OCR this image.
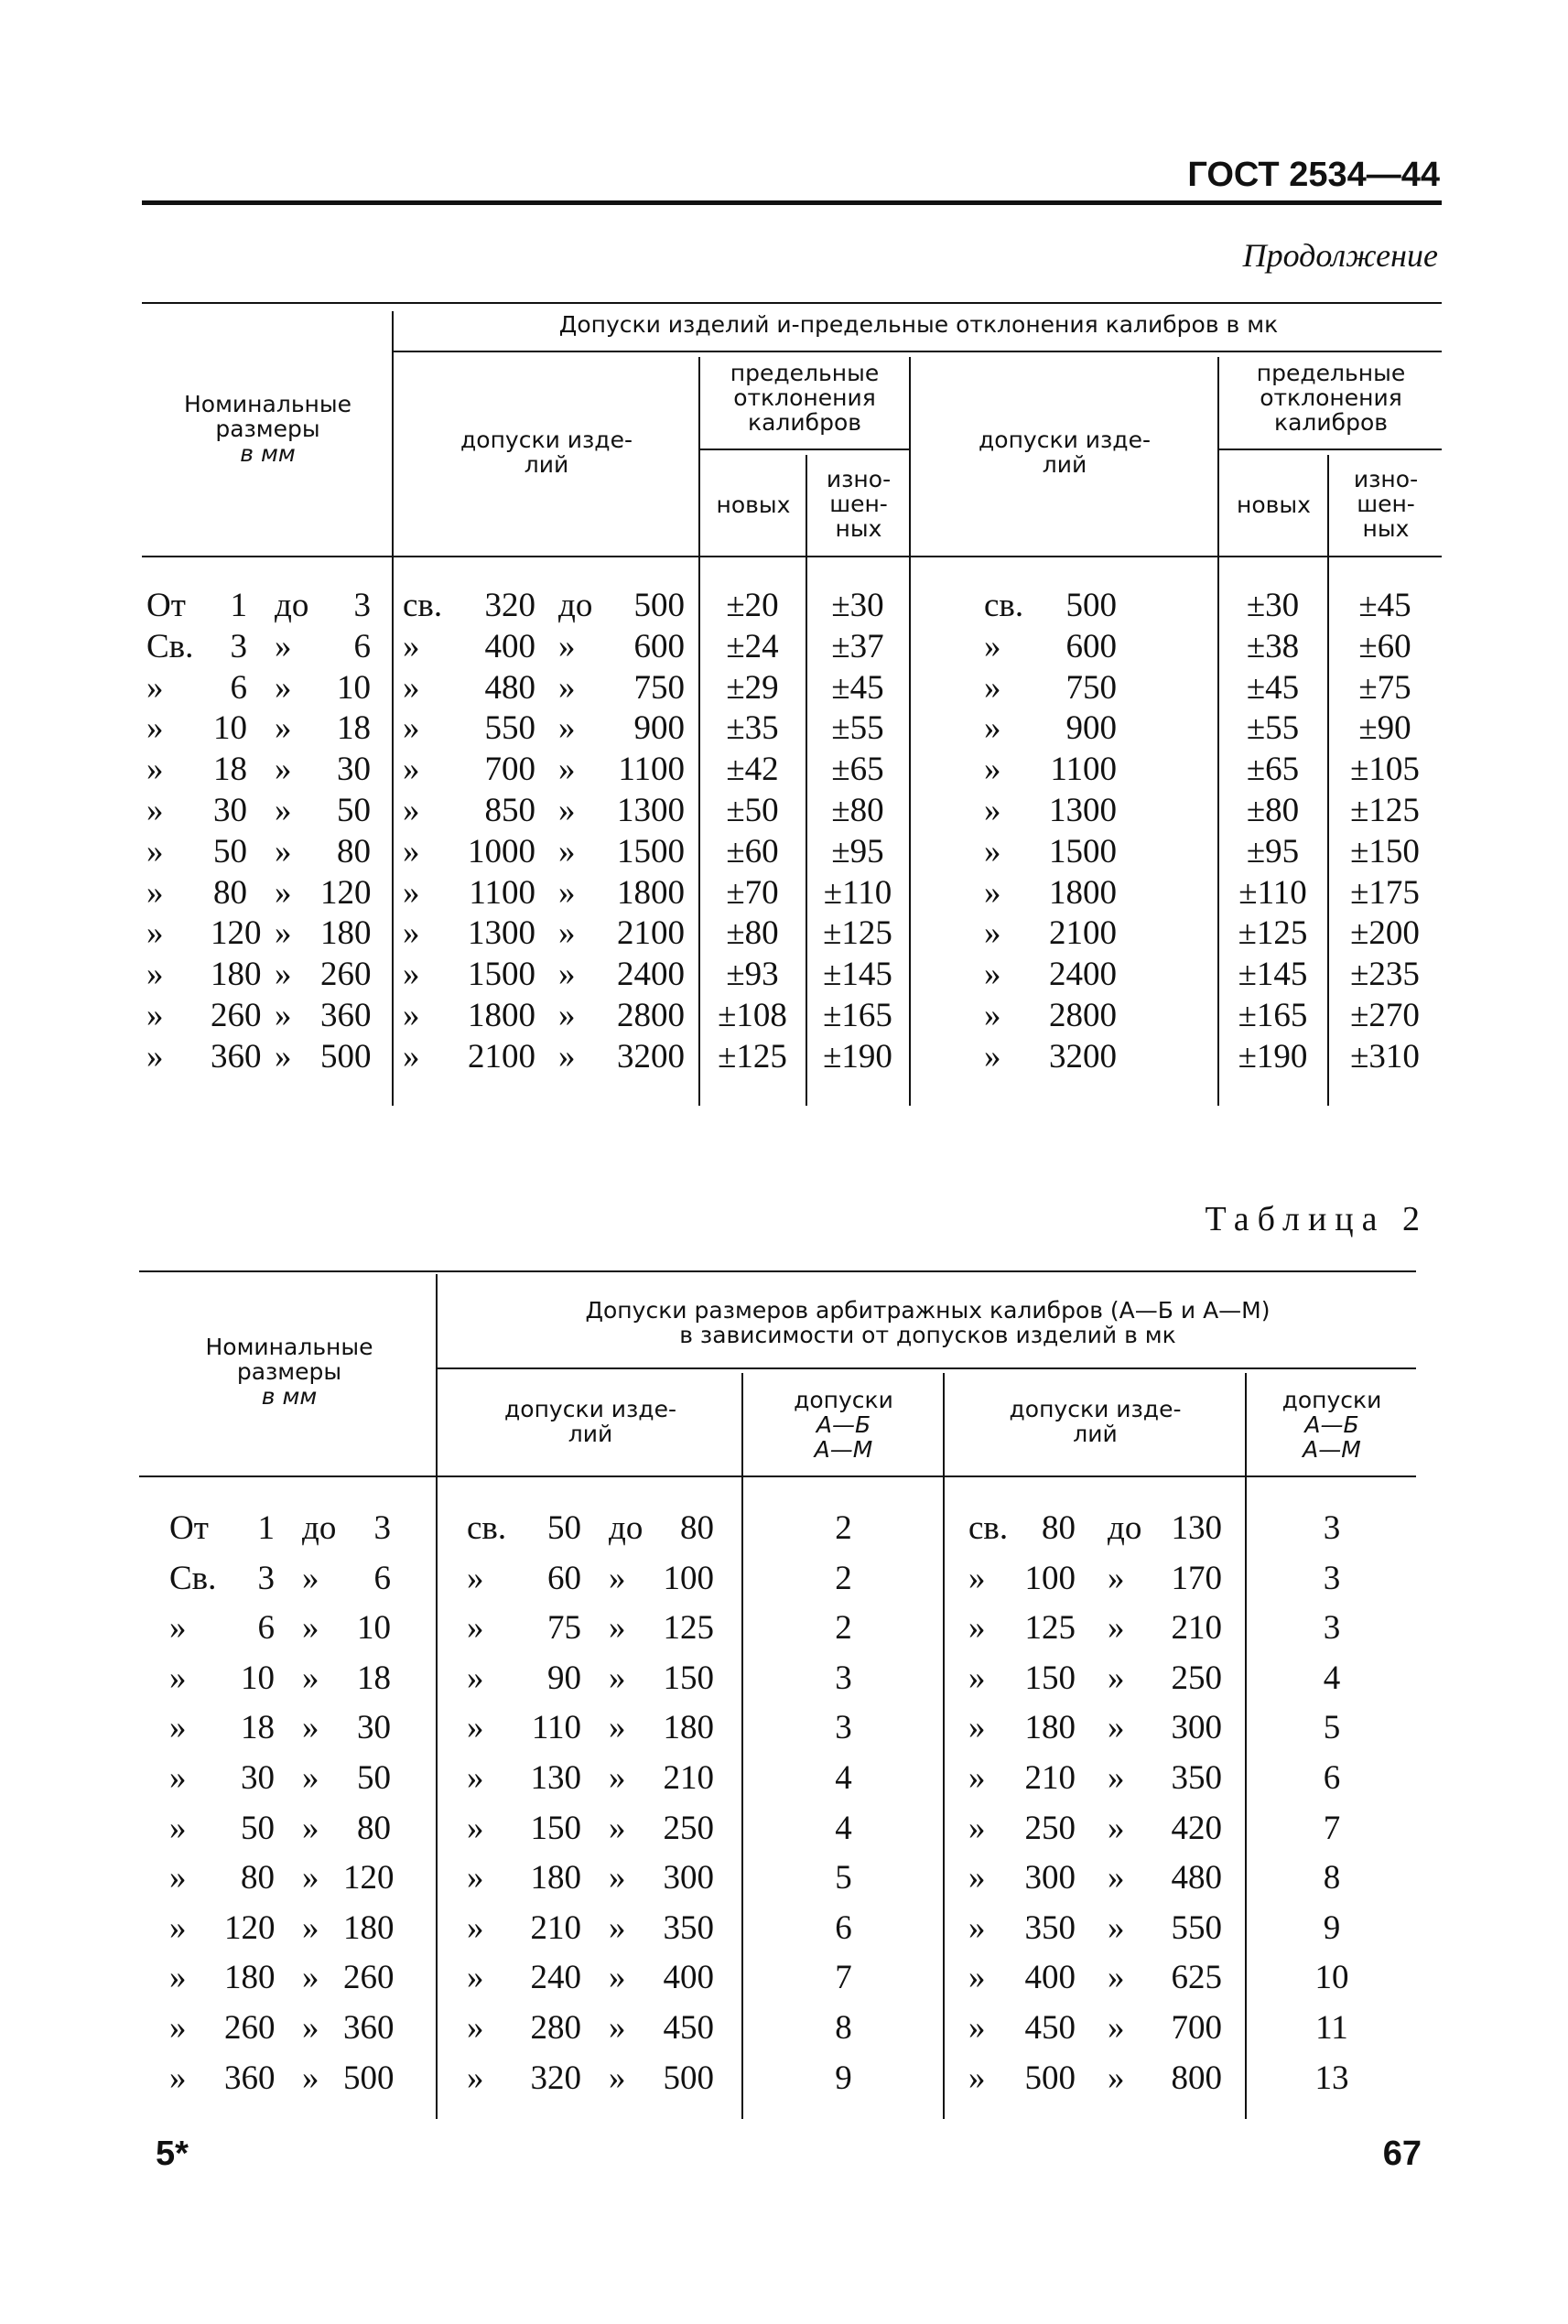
ГОСТ 2534—44
Продолжение
Номинальные
размеры
в мм
Допуски изделий и-предельные отклонения калибров в мк
допуски изде-
лий
предельные
отклонения
калибров
новых
изно-
шен-
ных
допуски изде-
лий
предельные
отклонения
калибров
новых
изно-
шен-
ных
От	1 до	3 св.	320 до	500	±20	±30	св.	500	±30	±45
Св.	3 »	6 »	400 »	600	±24	±37	»	600	±38	±60
»	6 »	10 »	480 »	750	±29	±45	»	750	±45	±75
»	10 »	18 »	550 »	900	±35	±55	»	900	±55	±90
»	18 »	30 »	700 »	1100	±42	±65	»	1100	±65	±105
»	30 »	50 »	850 »	1300	±50	±80	»	1300	±80	±125
»	50 »	80 »	1000 »	1500	±60	±95	»	1500	±95	±150
»	80 » 120 »	1100 »	1800	±70	±110	»	1800	±110	±175
»	120 » 180 »	1300 »	2100	±80	±125	»	2100	±125	±200
»	180 » 260 »	1500 »	2400	±93	±145	»	2400	±145	±235
»	260 » 360 »	1800 »	2800 ±108	±165	»	2800	±165	±270
»	360 » 500 »	2100 »	3200 ±125	±190	»	3200	±190	±310
Таблица 2
Номинальные
размеры
в мм
Допуски размеров арбитражных калибров (А—Б и А—М)
в зависимости от допусков изделий в мк
допуски изде-
лий
допуски
А—Б
А—М
допуски изде-
лий
допуски
А—Б
А—М
От	1 до	3 св.	50 до	80	2	св. 80 до 130	3
Св.	3 »	6 »	60 »	100	2	»	100 »	170	3
»	6 »	10 »	75 »	125	2	»	125 »	210	3
»	10 »	18 »	90 »	150	3	»	150 »	250	4
»	18 »	30 »	110 »	180	3	»	180 »	300	5
»	30 »	50 »	130 »	210	4	»	210 »	350	6
»	50 »	80 »	150 »	250	4	»	250 »	420	7
»	80 » 120 »	180 »	300	5	»	300 »	480	8
»	120 » 180 »	210 »	350	6	»	350 »	550	9
»	180 » 260 »	240 »	400	7	»	400 »	625	10
»	260 » 360 »	280 »	450	8	»	450 »	700	11
»	360 » 500 »	320 »	500	9	»	500 »	800	13
5*	67
